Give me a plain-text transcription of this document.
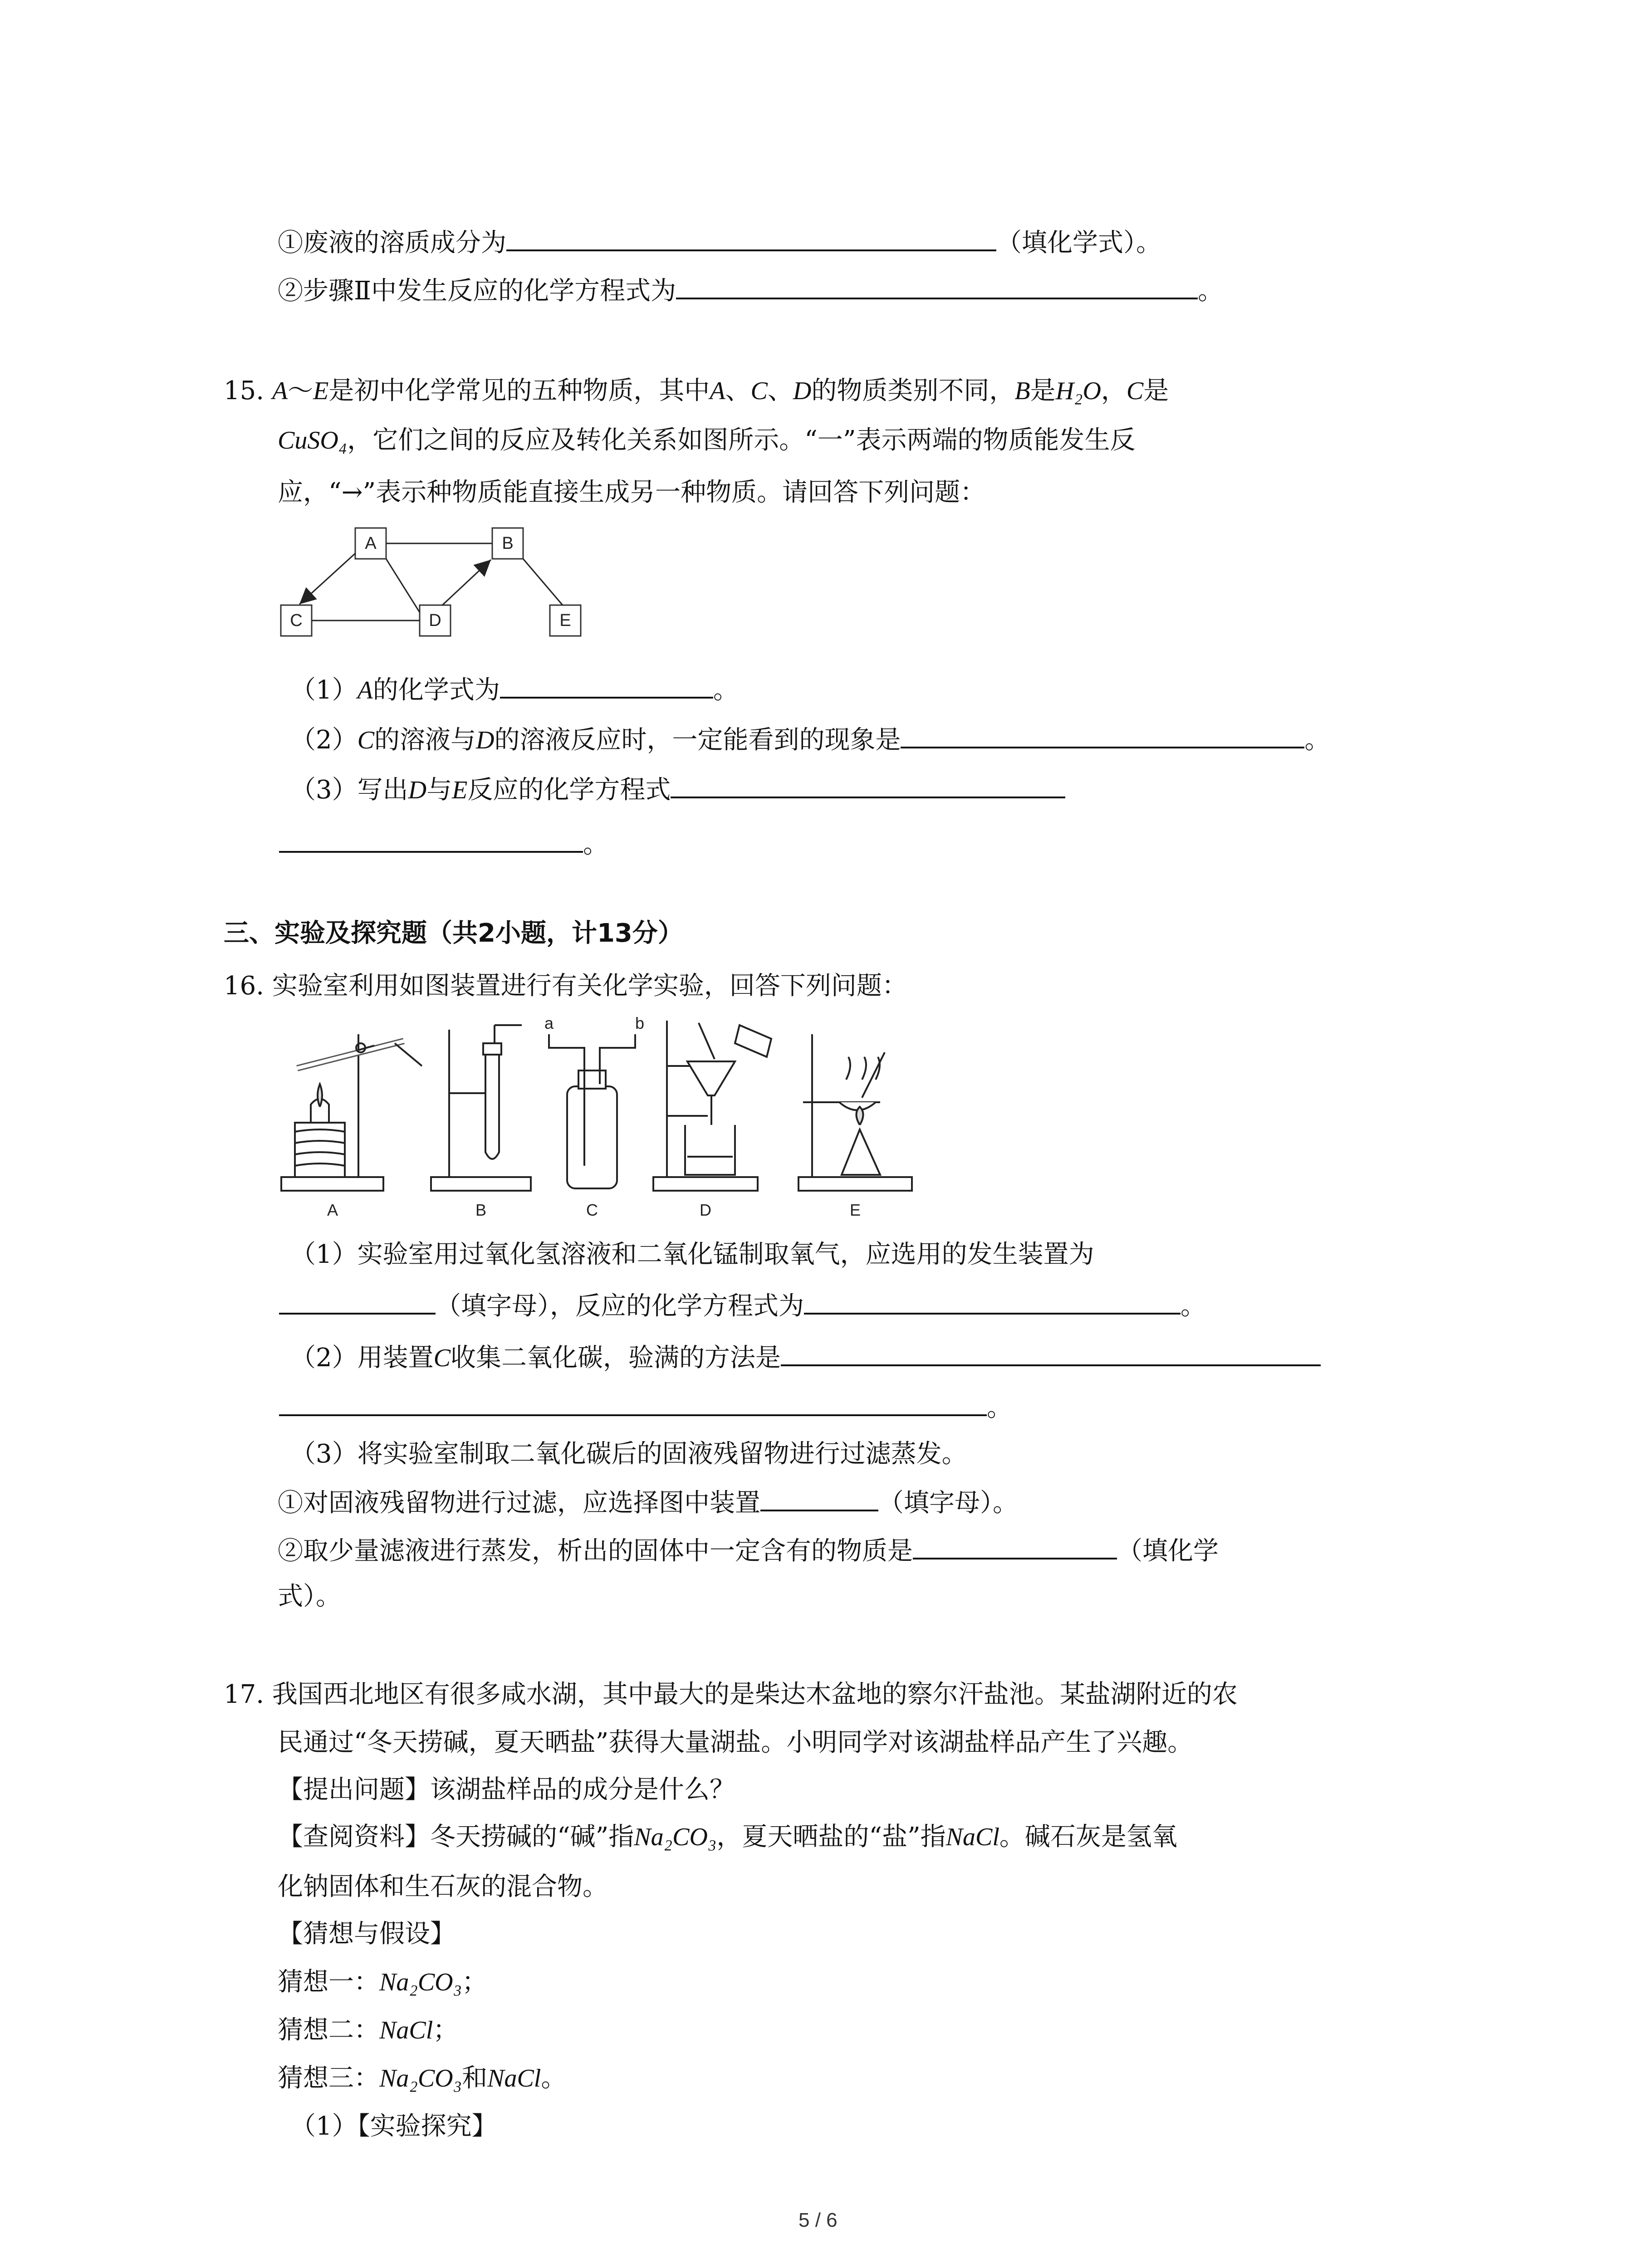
①废液的溶质成分为	（填化学式）。
②步骤Ⅱ中发生反应的化学方程式为	。
15. A～E是初中化学常见的五种物质，其中A、C、D的物质类别不同，B是H₂O，C是
CuSO₄，它们之间的反应及转化关系如图所示。“一”表示两端的物质能发生反
应，“→”表示种物质能直接生成另一种物质。请回答下列问题：
A	B
C	D	E
（1）A的化学式为	。
（2）C的溶液与D的溶液反应时，一定能看到的现象是	。
（3）写出D与E反应的化学方程式
。
三、实验及探究题（共2小题，计13分）
16. 实验室利用如图装置进行有关化学实验，回答下列问题：
A	B	C	D	E
a	b
（1）实验室用过氧化氢溶液和二氧化锰制取氧气，应选用的发生装置为
（填字母），反应的化学方程式为	。
（2）用装置C收集二氧化碳，验满的方法是
。
（3）将实验室制取二氧化碳后的固液残留物进行过滤蒸发。
①对固液残留物进行过滤，应选择图中装置	（填字母）。
②取少量滤液进行蒸发，析出的固体中一定含有的物质是	（填化学
式）。
17. 我国西北地区有很多咸水湖，其中最大的是柴达木盆地的察尔汗盐池。某盐湖附近的农
民通过“冬天捞碱，夏天晒盐”获得大量湖盐。小明同学对该湖盐样品产生了兴趣。
【提出问题】该湖盐样品的成分是什么？
【查阅资料】冬天捞碱的“碱”指Na₂CO₃，夏天晒盐的“盐”指NaCl。碱石灰是氢氧
化钠固体和生石灰的混合物。
【猜想与假设】
猜想一：Na₂CO₃；
猜想二：NaCl；
猜想三：Na₂CO₃和NaCl。
（1）【实验探究】
5 / 6
